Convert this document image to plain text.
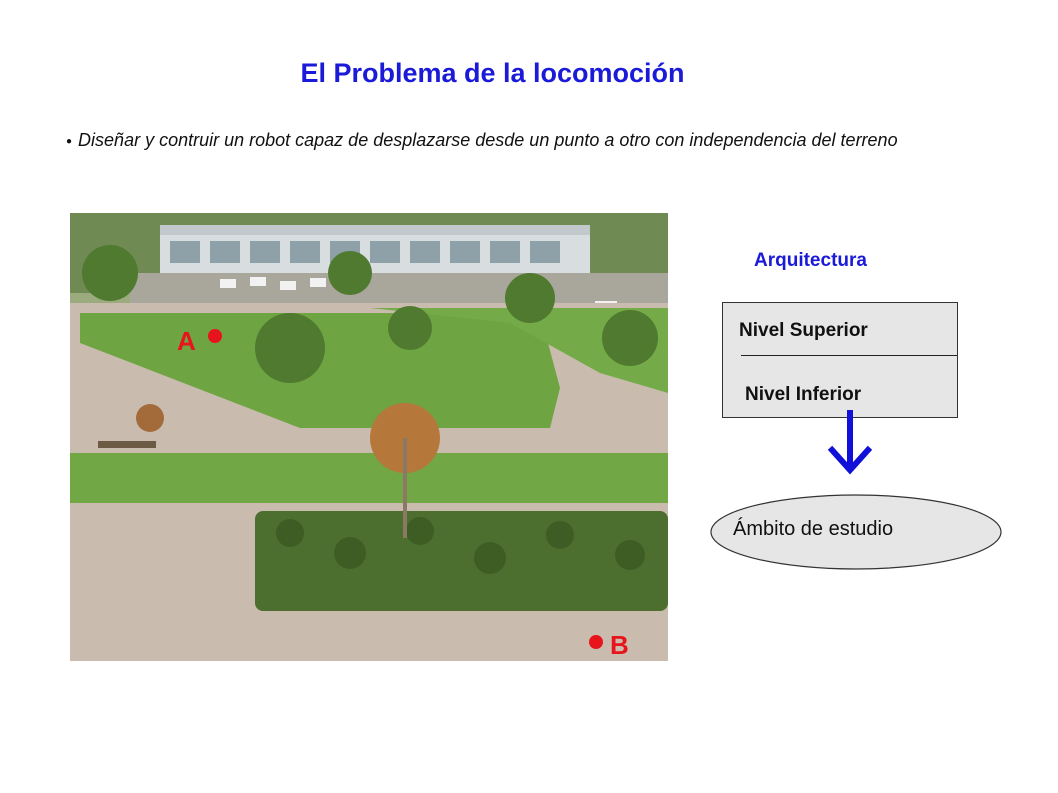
El Problema de la locomoción
● Diseñar y contruir un robot capaz de desplazarse desde un punto a otro con independencia del terreno
A
B
Arquitectura
Nivel Superior
Nivel Inferior
Ámbito de estudio
